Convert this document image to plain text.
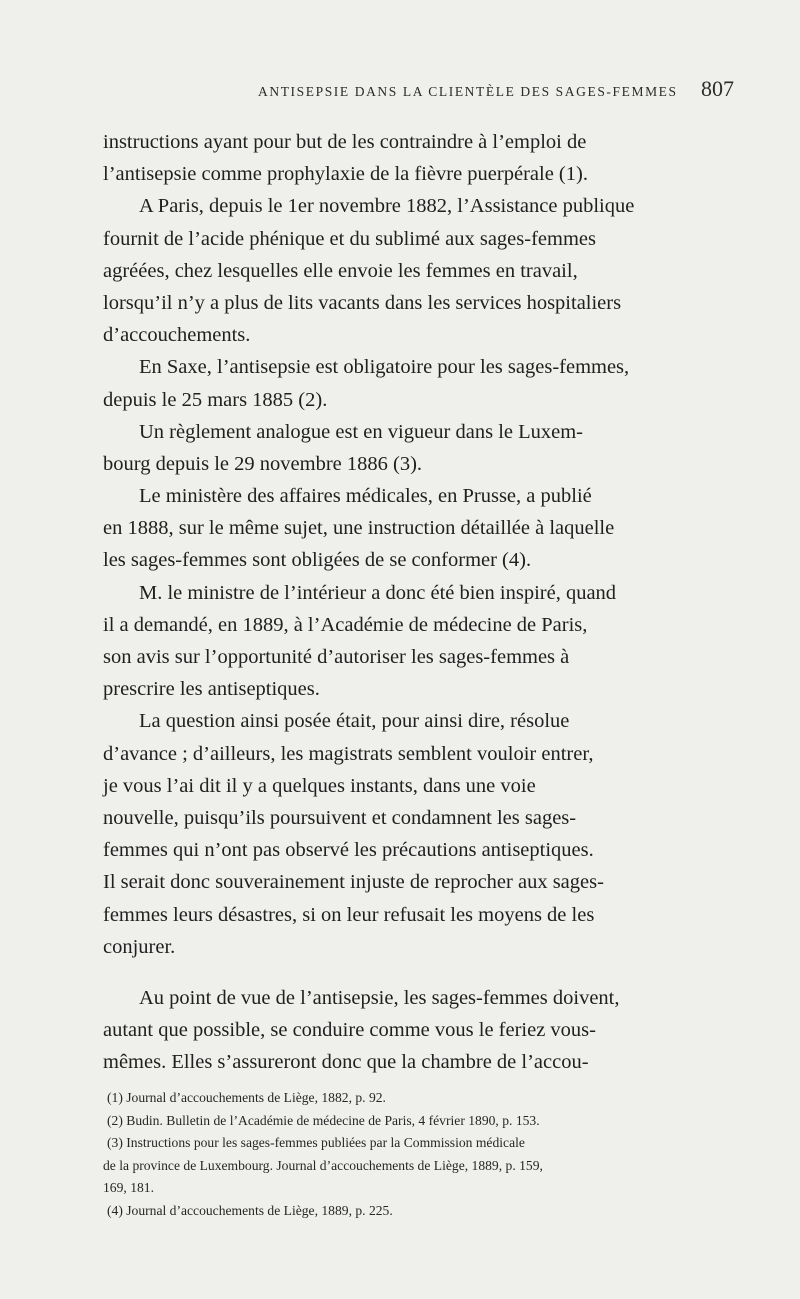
ANTISEPSIE DANS LA CLIENTÈLE DES SAGES-FEMMES 807
instructions ayant pour but de les contraindre à l’emploi de
l’antisepsie comme prophylaxie de la fièvre puerpérale (1).
A Paris, depuis le 1er novembre 1882, l’Assistance publique
fournit de l’acide phénique et du sublimé aux sages-femmes
agréées, chez lesquelles elle envoie les femmes en travail,
lorsqu’il n’y a plus de lits vacants dans les services hospitaliers
d’accouchements.
En Saxe, l’antisepsie est obligatoire pour les sages-femmes,
depuis le 25 mars 1885 (2).
Un règlement analogue est en vigueur dans le Luxem-
bourg depuis le 29 novembre 1886 (3).
Le ministère des affaires médicales, en Prusse, a publié
en 1888, sur le même sujet, une instruction détaillée à laquelle
les sages-femmes sont obligées de se conformer (4).
M. le ministre de l’intérieur a donc été bien inspiré, quand
il a demandé, en 1889, à l’Académie de médecine de Paris,
son avis sur l’opportunité d’autoriser les sages-femmes à
prescrire les antiseptiques.
La question ainsi posée était, pour ainsi dire, résolue
d’avance ; d’ailleurs, les magistrats semblent vouloir entrer,
je vous l’ai dit il y a quelques instants, dans une voie
nouvelle, puisqu’ils poursuivent et condamnent les sages-
femmes qui n’ont pas observé les précautions antiseptiques.
Il serait donc souverainement injuste de reprocher aux sages-
femmes leurs désastres, si on leur refusait les moyens de les
conjurer.
Au point de vue de l’antisepsie, les sages-femmes doivent,
autant que possible, se conduire comme vous le feriez vous-
mêmes. Elles s’assureront donc que la chambre de l’accou-
(1) Journal d’accouchements de Liège, 1882, p. 92.
(2) Budin. Bulletin de l’Académie de médecine de Paris, 4 février 1890, p. 153.
(3) Instructions pour les sages-femmes publiées par la Commission médicale
de la province de Luxembourg. Journal d’accouchements de Liège, 1889, p. 159,
169, 181.
(4) Journal d’accouchements de Liège, 1889, p. 225.
